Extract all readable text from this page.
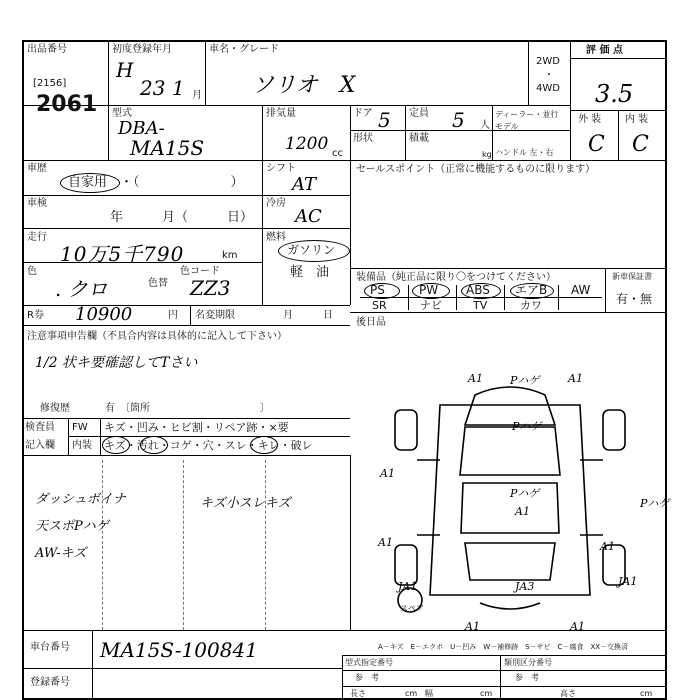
出品番号
[2156]
2061
初度登録年月
H
23 1 月
車名・グレード
ソリオ　X
2WD
・
4WD
評 価 点
3.5
外 装 内 装
C C
型式
DBA-
MA15S
排気量
1200 cc
ドア 5 定員 5 人
ディーラー・並行
モデル
形状	積載
kg ハンドル 左・右
車歴
自家用 ・（　　　　　　　）
シフト
AT
車検
年　　　月（　　　日）
冷房
AC
走行
10万5千790	km
燃料
ガソリン
軽　油
色
. クロ	色替
色コード
ZZ3
R券 10900	円 名変期限	月　　　日
セールスポイント（正常に機能するものに限ります）
装備品（純正品に限り〇をつけてください）	新車保証書
有・無
PS	PW ABS エアB AW
SR	ナビ	TV	カワ
後日品
注意事項申告欄（不具合内容は具体的に記入して下さい）
1/2 状キ要確認してTさい
修復歴	有 〔箇所　　　　　　　　　　　〕
検査員
記入欄
FW キズ・凹み・ヒビ割・リペア跡・×要
内装 キズ・汚れ・コゲ・穴・スレ・キレ・破レ
ダッシュボイナ
天スポPハゲ
AW-キズ
キズ小スレキズ
A1 Pハゲ	A1
Pハゲ
Pハゲ
A1
A1
A1
Pハゲ
A1
JA1	JA3	JA1
A1	A1
スペア
車台番号 MA15S-100841
登録番号
A－キズ　E－エクボ　U－凹み　W－補修跡　S－サビ　C－腐食　XX－交換済
型式指定番号	類別区分番号
参　考	参　考
長さ	cm 幅	cm	高さ	cm
